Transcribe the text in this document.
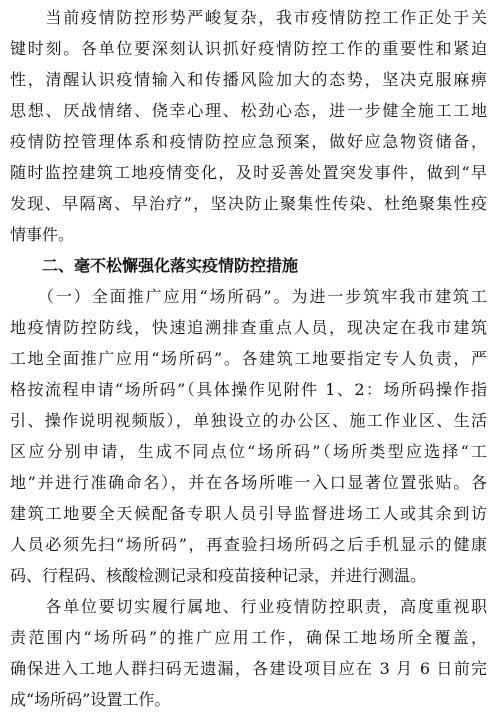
　　当前疫情防控形势严峻复杂，我市疫情防控工作正处于关
键时刻。各单位要深刻认识抓好疫情防控工作的重要性和紧迫
性，清醒认识疫情输入和传播风险加大的态势，坚决克服麻痹
思想、厌战情绪、侥幸心理、松劲心态，进一步健全施工工地
疫情防控管理体系和疫情防控应急预案，做好应急物资储备，
随时监控建筑工地疫情变化，及时妥善处置突发事件，做到“早
发现、早隔离、早治疗”，坚决防止聚集性传染、杜绝聚集性疫
情事件。
　　二、毫不松懈强化落实疫情防控措施
　　（一）全面推广应用“场所码”。为进一步筑牢我市建筑工
地疫情防控防线，快速追溯排查重点人员，现决定在我市建筑
工地全面推广应用“场所码”。各建筑工地要指定专人负责，严
格按流程申请“场所码”（具体操作见附件 1、2：场所码操作指
引、操作说明视频版），单独设立的办公区、施工作业区、生活
区应分别申请，生成不同点位“场所码”（场所类型应选择“工
地”并进行准确命名），并在各场所唯一入口显著位置张贴。各
建筑工地要全天候配备专职人员引导监督进场工人或其余到访
人员必须先扫“场所码”，再查验扫场所码之后手机显示的健康
码、行程码、核酸检测记录和疫苗接种记录，并进行测温。
　　各单位要切实履行属地、行业疫情防控职责，高度重视职
责范围内“场所码”的推广应用工作，确保工地场所全覆盖，
确保进入工地人群扫码无遗漏，各建设项目应在 3 月 6 日前完
成“场所码”设置工作。
